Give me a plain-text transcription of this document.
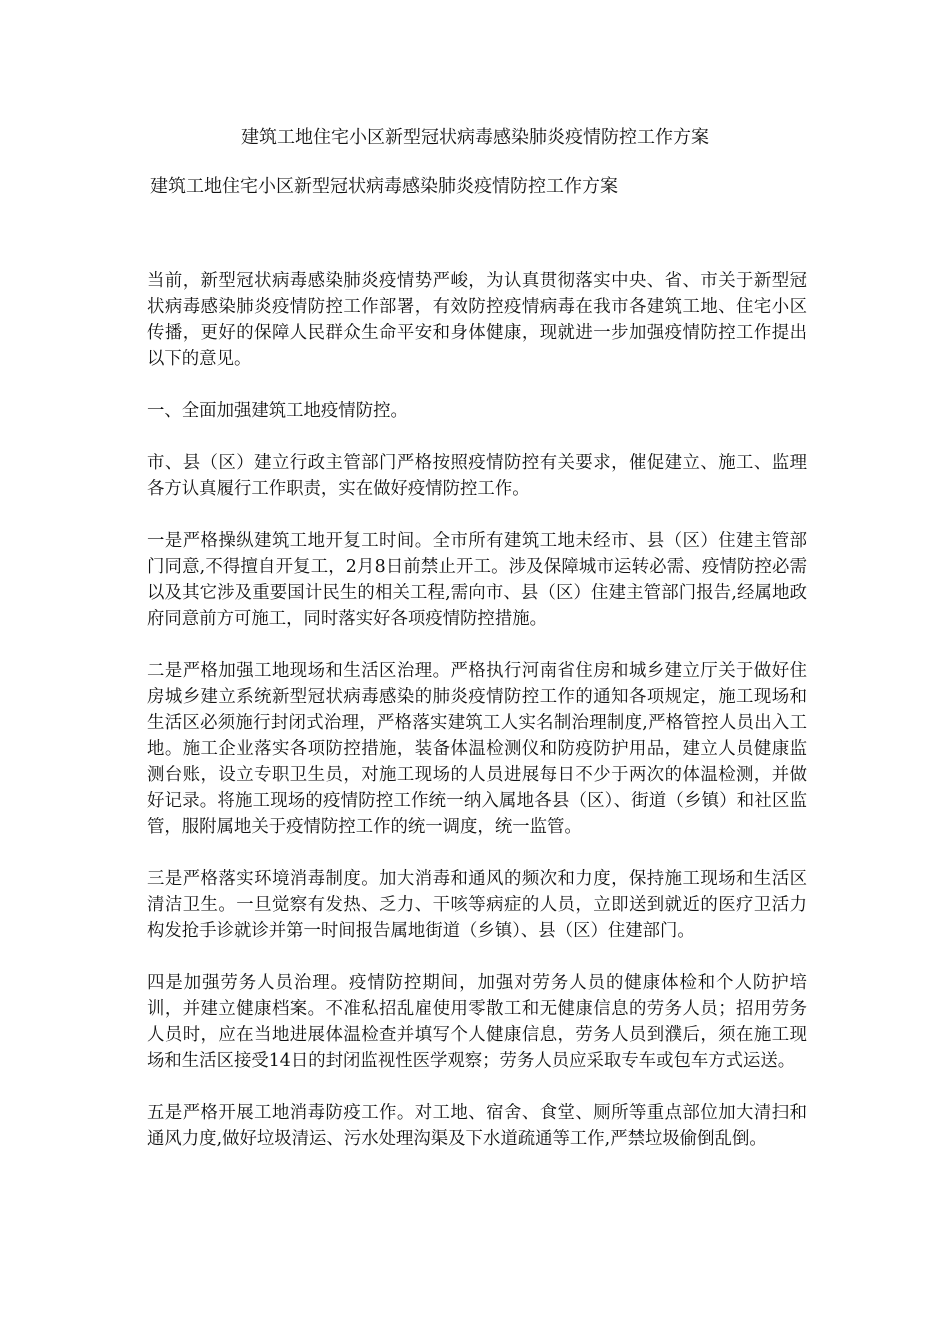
建筑工地住宅小区新型冠状病毒感染肺炎疫情防控工作方案
建筑工地住宅小区新型冠状病毒感染肺炎疫情防控工作方案

当前，新型冠状病毒感染肺炎疫情势严峻，为认真贯彻落实中央、省、市关于新型冠状病毒感染肺炎疫情防控工作部署，有效防控疫情病毒在我市各建筑工地、住宅小区传播，更好的保障人民群众生命平安和身体健康，现就进一步加强疫情防控工作提出以下的意见。

一、全面加强建筑工地疫情防控。

市、县（区）建立行政主管部门严格按照疫情防控有关要求，催促建立、施工、监理各方认真履行工作职责，实在做好疫情防控工作。

一是严格操纵建筑工地开复工时间。全市所有建筑工地未经市、县（区）住建主管部门同意,不得擅自开复工，2月8日前禁止开工。涉及保障城市运转必需、疫情防控必需以及其它涉及重要国计民生的相关工程,需向市、县（区）住建主管部门报告,经属地政府同意前方可施工，同时落实好各项疫情防控措施。

二是严格加强工地现场和生活区治理。严格执行河南省住房和城乡建立厅关于做好住房城乡建立系统新型冠状病毒感染的肺炎疫情防控工作的通知各项规定，施工现场和生活区必须施行封闭式治理，严格落实建筑工人实名制治理制度,严格管控人员出入工地。施工企业落实各项防控措施，装备体温检测仪和防疫防护用品，建立人员健康监测台账，设立专职卫生员，对施工现场的人员进展每日不少于两次的体温检测，并做好记录。将施工现场的疫情防控工作统一纳入属地各县（区）、街道（乡镇）和社区监管，服附属地关于疫情防控工作的统一调度，统一监管。

三是严格落实环境消毒制度。加大消毒和通风的频次和力度，保持施工现场和生活区清洁卫生。一旦觉察有发热、乏力、干咳等病症的人员，立即送到就近的医疗卫活力构发抢手诊就诊并第一时间报告属地街道（乡镇）、县（区）住建部门。

四是加强劳务人员治理。疫情防控期间，加强对劳务人员的健康体检和个人防护培训，并建立健康档案。不准私招乱雇使用零散工和无健康信息的劳务人员；招用劳务人员时，应在当地进展体温检查并填写个人健康信息，劳务人员到濮后，须在施工现场和生活区接受14日的封闭监视性医学观察；劳务人员应采取专车或包车方式运送。

五是严格开展工地消毒防疫工作。对工地、宿舍、食堂、厕所等重点部位加大清扫和通风力度,做好垃圾清运、污水处理沟渠及下水道疏通等工作,严禁垃圾偷倒乱倒。
